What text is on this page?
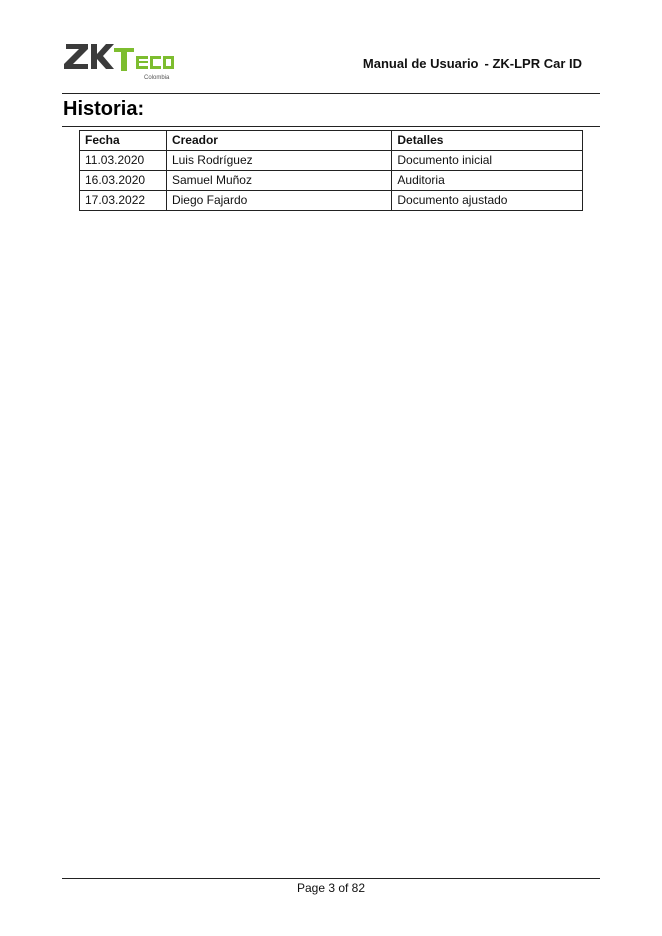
Colombia
Manual de Usuario - ZK-LPR Car ID
Historia:
Fecha	Creador	Detalles
11.03.2020	Luis Rodríguez	Documento inicial
16.03.2020	Samuel Muñoz	Auditoria
17.03.2022	Diego Fajardo	Documento ajustado
Page 3 of 82
